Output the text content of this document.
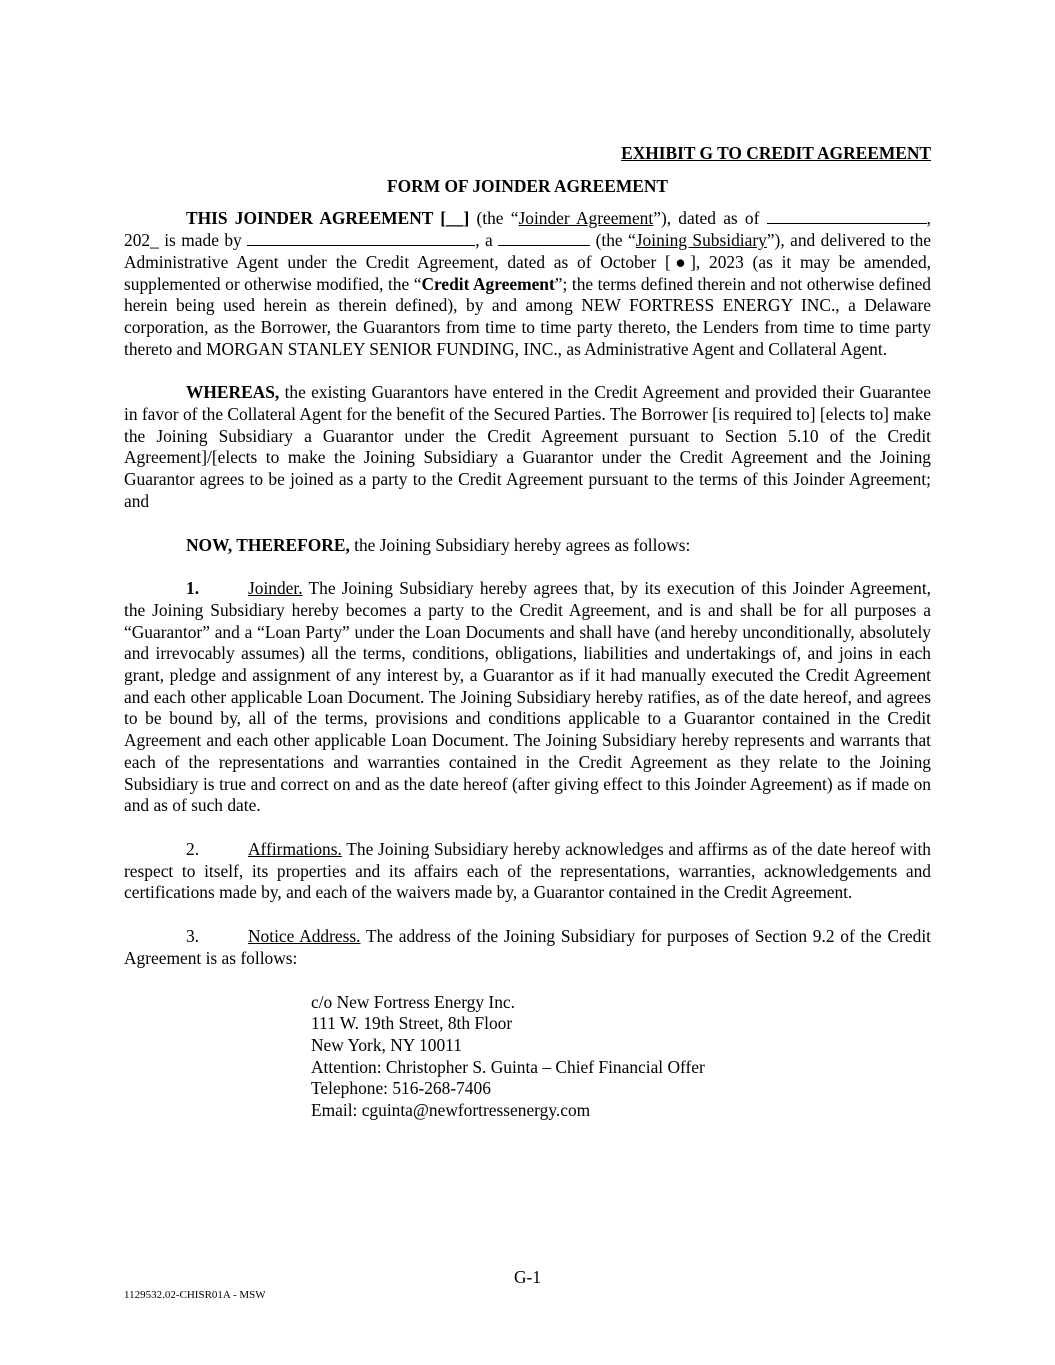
EXHIBIT G TO CREDIT AGREEMENT
FORM OF JOINDER AGREEMENT

THIS JOINDER AGREEMENT [__] (the “Joinder Agreement”), dated as of	, 202_ is made by	, a	(the “Joining Subsidiary”), and delivered to the Administrative Agent under the Credit Agreement, dated as of October [●], 2023 (as it may be amended, supplemented or otherwise modified, the “Credit Agreement”; the terms defined therein and not otherwise defined herein being used herein as therein defined), by and among NEW FORTRESS ENERGY INC., a Delaware corporation, as the Borrower, the Guarantors from time to time party thereto, the Lenders from time to time party thereto and MORGAN STANLEY SENIOR FUNDING, INC., as Administrative Agent and Collateral Agent.

WHEREAS, the existing Guarantors have entered in the Credit Agreement and provided their Guarantee in favor of the Collateral Agent for the benefit of the Secured Parties. The Borrower [is required to] [elects to] make the Joining Subsidiary a Guarantor under the Credit Agreement pursuant to Section 5.10 of the Credit Agreement]/[elects to make the Joining Subsidiary a Guarantor under the Credit Agreement and the Joining Guarantor agrees to be joined as a party to the Credit Agreement pursuant to the terms of this Joinder Agreement; and

NOW, THEREFORE, the Joining Subsidiary hereby agrees as follows:

1.	Joinder. The Joining Subsidiary hereby agrees that, by its execution of this Joinder Agreement, the Joining Subsidiary hereby becomes a party to the Credit Agreement, and is and shall be for all purposes a “Guarantor” and a “Loan Party” under the Loan Documents and shall have (and hereby unconditionally, absolutely and irrevocably assumes) all the terms, conditions, obligations, liabilities and undertakings of, and joins in each grant, pledge and assignment of any interest by, a Guarantor as if it had manually executed the Credit Agreement and each other applicable Loan Document. The Joining Subsidiary hereby ratifies, as of the date hereof, and agrees to be bound by, all of the terms, provisions and conditions applicable to a Guarantor contained in the Credit Agreement and each other applicable Loan Document. The Joining Subsidiary hereby represents and warrants that each of the representations and warranties contained in the Credit Agreement as they relate to the Joining Subsidiary is true and correct on and as the date hereof (after giving effect to this Joinder Agreement) as if made on and as of such date.

2.	Affirmations. The Joining Subsidiary hereby acknowledges and affirms as of the date hereof with respect to itself, its properties and its affairs each of the representations, warranties, acknowledgements and certifications made by, and each of the waivers made by, a Guarantor contained in the Credit Agreement.

3.	Notice Address. The address of the Joining Subsidiary for purposes of Section 9.2 of the Credit Agreement is as follows:

c/o New Fortress Energy Inc.
111 W. 19th Street, 8th Floor
New York, NY 10011
Attention: Christopher S. Guinta – Chief Financial Offer
Telephone: 516-268-7406
Email: cguinta@newfortressenergy.com
G-1
1129532.02-CHISR01A - MSW
